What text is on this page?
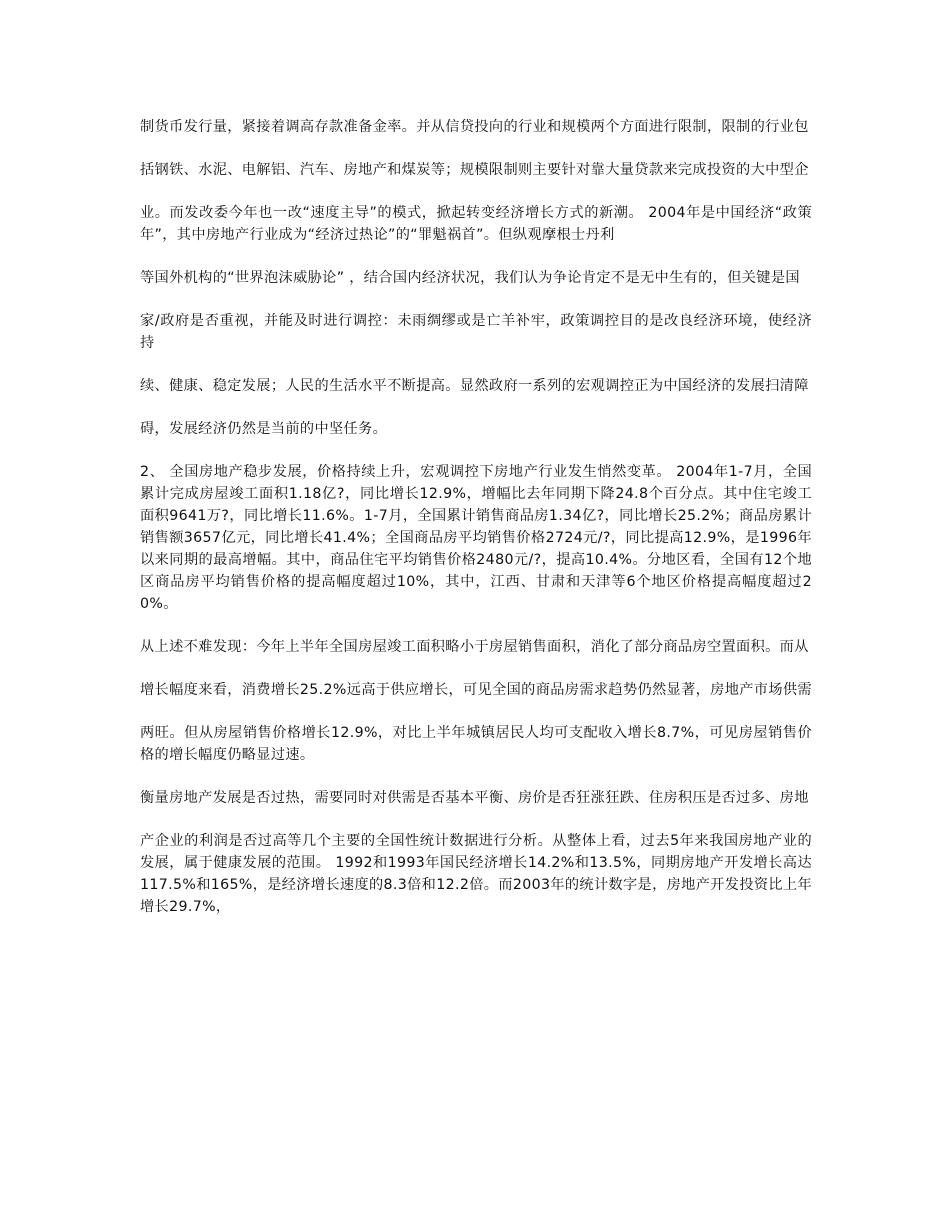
制货币发行量，紧接着调高存款准备金率。并从信贷投向的行业和规模两个方面进行限制，限制的行业包

括钢铁、水泥、电解铝、汽车、房地产和煤炭等；规模限制则主要针对靠大量贷款来完成投资的大中型企

业。而发改委今年也一改“速度主导”的模式，掀起转变经济增长方式的新潮。 2004年是中国经济“政策年”，其中房地产行业成为“经济过热论”的“罪魁祸首”。但纵观摩根士丹利

等国外机构的“世界泡沫威胁论” ，结合国内经济状况，我们认为争论肯定不是无中生有的，但关键是国

家/政府是否重视，并能及时进行调控：未雨绸缪或是亡羊补牢，政策调控目的是改良经济环境，使经济持

续、健康、稳定发展；人民的生活水平不断提高。显然政府一系列的宏观调控正为中国经济的发展扫清障

碍，发展经济仍然是当前的中坚任务。

2、 全国房地产稳步发展，价格持续上升，宏观调控下房地产行业发生悄然变革。 2004年1-7月，全国累计完成房屋竣工面积1.18亿?，同比增长12.9%，增幅比去年同期下降24.8个百分点。其中住宅竣工面积9641万?，同比增长11.6%。1-7月，全国累计销售商品房1.34亿?，同比增长25.2%；商品房累计销售额3657亿元，同比增长41.4%；全国商品房平均销售价格2724元/?，同比提高12.9%，是1996年以来同期的最高增幅。其中，商品住宅平均销售价格2480元/?，提高10.4%。分地区看，全国有12个地区商品房平均销售价格的提高幅度超过10%，其中，江西、甘肃和天津等6个地区价格提高幅度超过20%。

从上述不难发现：今年上半年全国房屋竣工面积略小于房屋销售面积，消化了部分商品房空置面积。而从

增长幅度来看，消费增长25.2%远高于供应增长，可见全国的商品房需求趋势仍然显著，房地产市场供需

两旺。但从房屋销售价格增长12.9%，对比上半年城镇居民人均可支配收入增长8.7%，可见房屋销售价格的增长幅度仍略显过速。

衡量房地产发展是否过热，需要同时对供需是否基本平衡、房价是否狂涨狂跌、住房积压是否过多、房地

产企业的利润是否过高等几个主要的全国性统计数据进行分析。从整体上看，过去5年来我国房地产业的发展，属于健康发展的范围。 1992和1993年国民经济增长14.2%和13.5%，同期房地产开发增长高达117.5%和165%，是经济增长速度的8.3倍和12.2倍。而2003年的统计数字是，房地产开发投资比上年增长29.7%，
